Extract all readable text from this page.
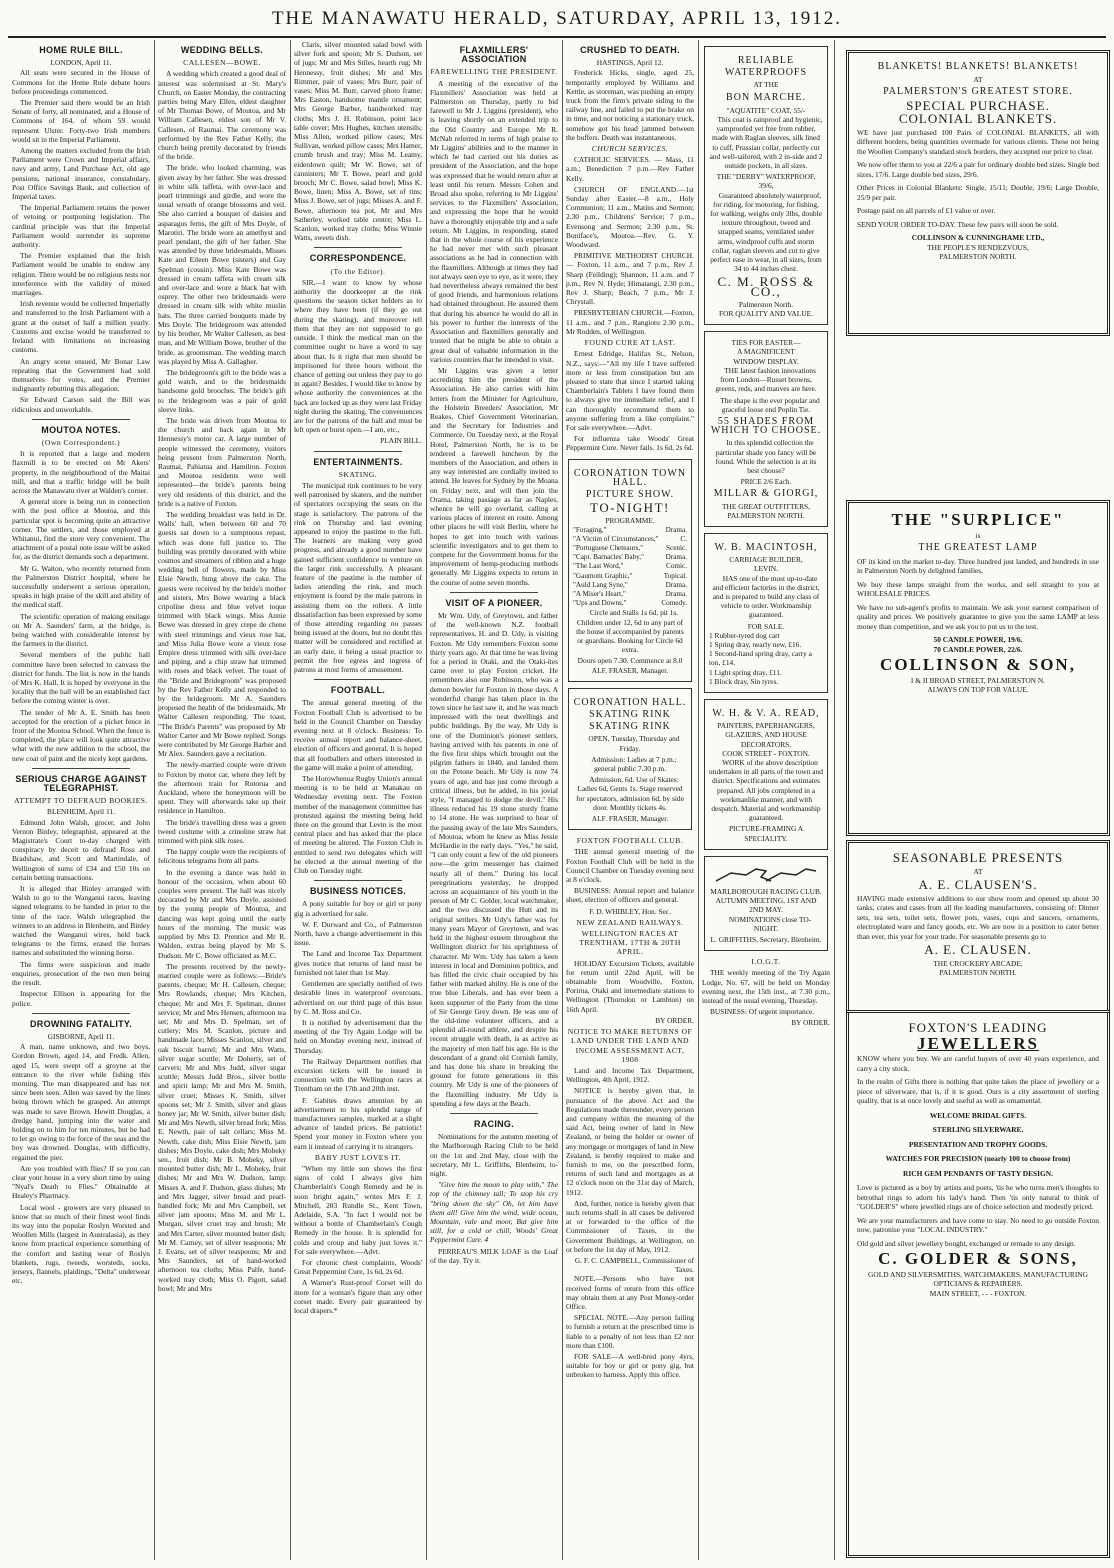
THE MANAWATU HERALD, SATURDAY, APRIL 13, 1912.
HOME RULE BILL.
LONDON, April 11.

All seats were secured in the House of Commons for the Home Rule debate hours before proceedings commenced.

The Premier said there would be an Irish Senate of forty, all nominated, and a House of Commons of 164, of whom 59 would represent Ulster. Forty-two Irish members would sit in the Imperial Parliament.

Among the matters excluded from the Irish Parliament were Crown and Imperial affairs, navy and army, Land Purchase Act, old age pensions, national insurance, constabulary, Post Office Savings Bank, and collection of Imperial taxes.

The Imperial Parliament retains the power of vetoing or postponing legislation. The cardinal principle was that the Imperial Parliament would surrender its supreme authority.

The Premier explained that the Irish Parliament would be unable to endow any religion. There would be no religious tests nor interference with the validity of mixed marriages.

Irish revenue would be collected Imperially and transferred to the Irish Parliament with a grant at the outset of half a million yearly. Customs and excise would be transferred to Ireland with limitations on increasing customs.

An angry scene ensued, Mr Bonar Law repeating that the Government had sold themselves for votes, and the Premier indignantly rebutting this allegation.

Sir Edward Carson said the Bill was ridiculous and unworkable.

MOUTOA NOTES.
(Own Correspondent.)

It is reported that a large and modern flaxmill is to be erected on Mr Akers' property, in the neighbourhood of the Maitai mill, and that a traffic bridge will be built across the Manawatu river at Walden's corner.

A general store is being run in connection with the post office at Moutoa, and this particular spot is becoming quite an attractive corner. The settlers, and those employed at Whitanui, find the store very convenient. The attachment of a postal note issue will be asked for, as the district demands such a department.

Mr G. Walton, who recently returned from the Palmerston District hospital, where he successfully underwent a serious operation, speaks in high praise of the skill and ability of the medical staff.

The scientific operation of making ensilage on Mr A. Saunders' farm, at the bridge, is being watched with considerable interest by the farmers in the district.

Several members of the public hall committee have been selected to canvass the district for funds. The list is now in the hands of Mrs K. Hall. It is hoped by everyone in the locality that the hall will be an established fact before the coming winter is over.

The tender of Mr A. E. Smith has been accepted for the erection of a picket fence in front of the Moutoa School. When the fence is completed, the place will look quite attractive what with the new addition to the school, the new coat of paint and the nicely kept gardens.

SERIOUS CHARGE AGAINST TELEGRAPHIST.
ATTEMPT TO DEFRAUD BOOKIES.
BLENHEIM, April 11.

Edmund John Walsh, grocer, and John Vernon Binley, telegraphist, appeared at the Magistrate's Court to-day charged with conspiracy by deceit to defraud Ross and Bradshaw, and Scott and Martindale, of Wellington of sums of £34 and £50 10s on certain betting transactions.

It is alleged that Binley arranged with Walsh to go to the Wanganui races, leaving signed telegrams to be handed in prior to the time of the race. Walsh telegraphed the winners to an address in Blenheim, and Binley watched the Wanganui wires, held back telegrams to the firms, erased the horses names and substituted the winning horse.

The firms were suspicious and made enquiries, prosecution of the two men being the result.

Inspector Ellison is appearing for the police.

DROWNING FATALITY.
GISBORNE, April 11.

A man, name unknown, and two boys, Gordon Brown, aged 14, and Fredk. Allen, aged 15, were swept off a groyne at the entrance to the river while fishing this morning. The man disappeared and has not since been seen. Allen was saved by the lines being thrown which he grasped. An attempt was made to save Brown. Hewitt Douglas, a dredge hand, jumping into the water and holding on to him for ten minutes, but he had to let go owing to the force of the seas and the boy was drowned. Douglas, with difficulty, regained the pier.

Are you troubled with flies? If so you can clear your house in a very short time by using "Nyal's Death to Flies." Obtainable at Healey's Pharmacy.

Local wool - growers are very pleased to know that so much of their finest wool finds its way into the popular Roslyn Worsted and Woollen Mills (largest in Australasia), as they know from practical experience something of the comfort and lasting wear of Roslyn blankets, rugs, tweeds, worsteds, socks, jerseys, flannels, plaidings, "Delta" underwear etc.

WEDDING BELLS.
CALLESEN—BOWE.

A wedding which created a good deal of interest was solemnised at St. Mary's Church, on Easter Monday, the contracting parties being Mary Ellen, eldest daughter of Mr Thomas Bowe, of Moutoa, and Mr William Callesen, eldest son of Mr V. Callesen, of Raumai. The ceremony was performed by the Rev Father Kelly, the church being prettily decorated by friends of the bride.

The bride, who looked charming, was given away by her father. She was dressed in white silk taffeta, with over-lace and pearl trimmings and girdle, and wore the usual wreath of orange blossoms and veil. She also carried a bouquet of daisies and asparagus ferns, the gift of Mrs Doyle, of Marotiri. The bride wore an amethyst and pearl pendant, the gift of her father. She was attended by three bridesmaids, Misses Kate and Eileen Bowe (sisters) and Gay Spelman (cousin). Miss Kate Bowe was dressed in cream taffeta with cream silk and over-lace and wore a black hat with osprey. The other two bridesmaids were dressed in cream silk with white muslin hats. The three carried bouquets made by Mrs Doyle. The bridegroom was attended by his brother, Mr Walter Callesen, as best man, and Mr William Bowe, brother of the bride, as groomsman. The wedding march was played by Miss A. Gallagher.

The bridegroom's gift to the bride was a gold watch, and to the bridesmaids handsome gold brooches. The bride's gift to the bridegroom was a pair of gold sleeve links.

The bride was driven from Moutoa to the church and back again in Mr Hennessy's motor car. A large number of people witnessed the ceremony, visitors being present from Palmerston North, Raumai, Pahiatua and Hamilton. Foxton and Moutoa residents were well represented—the bride's parents being very old residents of this district, and the bride is a native of Foxton.

The wedding breakfast was held in Dr. Walls' hall, when between 60 and 70 guests sat down to a sumptuous repast, which was done full justice to. The building was prettily decorated with white cosmos and streamers of ribbon and a huge wedding bell of flowers, made by Miss Elsie Newth, hung above the cake. The guests were received by the bride's mother and sisters, Mrs Bowe wearing a black cripoline dress and blue velvet toque trimmed with black wings. Miss Annie Bowe was dressed in grey crepe de chene with steel trimmings and vieux rose hat, and Miss Julia Bowe wore a vieux rose Empire dress trimmed with silk over-lace and piping, and a chip straw hat trimmed with roses and black velvet. The toast of the "Bride and Bridegroom" was proposed by the Rev Father Kelly and responded to by the bridegroom. Mr A. Saunders proposed the health of the bridesmaids, Mr Walter Callesen responding. The toast, "The Bride's Parents" was proposed by Mr Walter Carter and Mr Bowe replied. Songs were contributed by Mr George Barber and Mr Alex. Saunders gave a recitation.

The newly-married couple were driven to Foxton by motor car, where they left by the afternoon train for Rotorua and Auckland, where the honeymoon will be spent. They will afterwards take up their residence in Hamilton.

The bride's travelling dress was a green tweed costume with a crinoline straw hat trimmed with pink silk roses.

The happy couple were the recipients of felicitous telegrams from all parts.

In the evening a dance was held in honour of the occasion, when about 60 couples were present. The hall was nicely decorated by Mr and Mrs Doyle, assisted by the young people of Moutoa, and dancing was kept going until the early hours of the morning. The music was supplied by Mrs D. Prentice and Mr R. Walden, extras being played by Mr S. Dudson. Mr C. Bowe officiated as M.C.

The presents received by the newly-married couple were as follows:—Bride's parents, cheque; Mr H. Callesen, cheque; Mrs Rowlands, cheque; Mrs Kitchen, cheque; Mr and Mrs F. Spelman, dinner service; Mr and Mrs Hensen, afternoon tea set; Mr and Mrs D. Spelman, set of cutlery; Mrs M. Scanlon, picture and handmade lace; Misses Scanlon, silver and oak biscuit barrel; Mr and Mrs Watts, silver sugar scuttle; Mr Doherty, set of carvers; Mr and Mrs Judd, silver sugar scuttle; Messrs Judd Bros., silver bottle and spirit lamp; Mr and Mrs M. Smith, silver cruet; Misses K. Smith, silver spoons set; Mr J. Smith, silver and glass honey jar; Mr W. Smith, silver butter dish; Mr and Mrs Newth, silver bread fork; Miss E. Newth, pair of salt cellars; Miss M. Newth, cake dish; Miss Elsie Newth, jam dishes; Mrs Doyle, cake dish; Mrs Mobeky sen., fruit dish; Mr B. Mobeky, silver mounted butter dish; Mr L. Mobeky, fruit dishes; Mr and Mrs W. Dudson, lamp; Misses A. and F. Dudson, glass dishes; Mr and Mrs Jagger, silver bread and pearl-handled fork; Mr and Mrs Campbell, set silver jam spoons; Miss M. and Mr L. Morgan, silver cruet tray and brush; Mr and Mrs Carter, silver mounted butter dish; Mr M. Carney, set of silver teaspoons; Mr J. Evans, set of silver teaspoons; Mr and Mrs Saunders, set of hand-worked afternoon tea cloths; Miss Palfe, hand-worked tray cloth; Miss O. Pigott, salad bowl; Mr and Mrs

Claris, silver mounted salad bowl with silver fork and spoon; Mr S. Dudson, set of jugs; Mr and Mrs Stiles, hearth rug; Mr Hennessy, fruit dishes; Mr and Mrs Rimmer, pair of vases; Mrs Burr, pair of vases; Miss M. Burr, carved photo frame; Mrs Easton, handsome mantle ornament; Mrs George Barber, handworked tray cloths; Mrs J. H. Robinson, point lace table cover; Mrs Hughes, kitchen utensils; Miss Allen, worked pillow cases; Mrs Sullivan, worked pillow cases; Mrs Hamer, crumb brush and tray; Miss M. Leamy, eiderdown quilt; Mr W. Bowe, set of cannisters; Mr T. Bowe, pearl and gold brooch; Mr C. Bowe, salad bowl; Miss K. Bowe, linen; Miss A. Bowe, set of tins; Miss J. Bowe, set of jugs; Misses A. and F. Bowe, afternoon tea pot, Mr and Mrs Satherley, worked table centre; Miss L. Scanlon, worked tray cloths; Miss Winnie Watts, sweets dish.

CORRESPONDENCE.
(To the Editor).

SIR,—I want to know by whose authority the doorkeeper at the rink questions the season ticket holders as to where they have been (if they go out during the skating), and moreover tell them that they are not supposed to go outside. I think the medical man on the committee ought to have a word to say about that. Is it right that men should be imprisoned for three hours without the chance of getting out unless they pay to go in again? Besides, I would like to know by whose authority the conveniences at the back are locked up as they were last Friday night during the skating. The conveniences are for the patrons of the hall and must be left open or burst open.—I am, etc.,

PLAIN BILL.
ENTERTAINMENTS.
SKATING.

The municipal rink continues to be very well patronised by skaters, and the number of spectators occupying the seats on the stage is satisfactory. The patrons of the rink on Thursday and last evening appeared to enjoy the pastime to the full. The learners are making very good progress, and already a good number have gained sufficient confidence to venture on the larger rink successfully. A pleasant feature of the pastime is the number of ladies attending the rink, and much enjoyment is found by the male patrons in assisting them on the rollers. A little dissatisfaction has been expressed by some of those attending regarding no passes being issued at the doors, but no doubt this matter will be considered and rectified at an early date, it being a usual practice to permit the free egress and ingress of patrons at most forms of amusement.

FOOTBALL.

The annual general meeting of the Foxton Football Club is advertised to be held in the Council Chamber on Tuesday evening next at 8 o'clock. Business: To receive annual report and balance-sheet, election of officers and general. It is hoped that all footballers and others interested in the game will make a point of attending.

The Horowhenua Rugby Union's annual meeting is to be held at Manakau on Wednesday evening next. The Foxton member of the management committee has protested against the meeting being held there on the ground that Levin is the most central place and has asked that the place of meeting be altered. The Foxton Club is entitled to send two delegates which will be elected at the annual meeting of the Club on Tuesday night.

BUSINESS NOTICES.

A pony suitable for boy or girl or pony gig is advertised for sale.

W. F. Durward and Co., of Palmerston North, have a change advertisement in this issue.

The Land and Income Tax Department gives notice that returns of land must be furnished not later than 1st May.

Gentlemen are specially notified of two desirable lines in waterproof overcoats, advertised on our third page of this issue by C. M. Ross and Co.

It is notified by advertisement that the meeting of the Try Again Lodge will be held on Monday evening next, instead of Thursday.

The Railway Department notifies that excursion tickets will be issued in connection with the Wellington races at Trentham on the 17th and 20th inst.

F. Gabites draws attention by an advertisement to his splendid range of manufacturers samples, marked at a slight advance of landed prices. Be patriotic! Spend your money in Foxton where you earn it instead of carrying it to strangers.

BABY JUST LOVES IT.

"When my little son shows the first signs of cold I always give him Chamberlain's Cough Remedy and he is soon bright again," writes Mrs F. J. Mitchell, 203 Rundle St., Kent Town, Adelaide, S.A. "In fact I would not be without a bottle of Chamberlain's Cough Remedy in the house. It is splendid for colds and croup and baby just loves it." For sale everywhere.—Advt.

For chronic chest complaints, Woods' Great Peppermint Cure, 1s 6d, 2s 6d.

A Warner's Rust-proof Corset will do more for a woman's figure than any other corset made. Every pair guaranteed by local drapers.*

FLAXMILLERS' ASSOCIATION
FAREWELLING THE PRESIDENT.

A meeting of the executive of the Flaxmillers' Association was held at Palmerston on Thursday, partly to bid farewell to Mr J. Liggins (president), who is leaving shortly on an extended trip to the Old Country and Europe. Mr R. McNab referred in terms of high praise to Mr Liggins' abilities and to the manner in which he had carried out his duties as president of the Association, and the hope was expressed that he would return after at least until his return. Messrs Cohen and Broad also spoke, referring to Mr Liggins' services to the Flaxmillers' Association, and expressing the hope that he would have a thoroughly enjoyable trip and a safe return. Mr Liggins, in responding, stated that in the whole course of his experience he had never met with such pleasant associations as he had in connection with the flaxmillers. Although at times they had not always seen eye to eye, as it were, they had nevertheless always remained the best of good friends, and harmonious relations had obtained throughout. He assured them that during his absence he would do all in his power to further the interests of the Association and flaxmillers generally and trusted that he might be able to obtain a great deal of valuable information in the various countries that he intended to visit.

Mr Liggins was given a letter accrediting him the president of the Association. He also carries with him letters from the Minister for Agriculture, the Holstein Breeders' Association, Mr Reakes, Chief Government Veterinarian, and the Secretary for Industries and Commerce. On Tuesday next, at the Royal Hotel, Palmerston North, he is to be tendered a farewell luncheon by the members of the Association, and others in any way interested are cordially invited to attend. He leaves for Sydney by the Moana on Friday next, and will then join the Orama, taking passage as far as Naples, whence he will go overland, calling at various places of interest en route. Among other places he will visit Berlin, where he hopes to get into touch with various scientific investigators and to get them to compete for the Government bonus for the improvement of hemp-producing methods generally. Mr Liggins expects to return in the course of some seven months.

VISIT OF A PIONEER.

Mr Wm. Udy, of Greytown, and father of the well-known N.Z. football representatives, H. and D. Udy, is visiting Foxton. Mr Udy remembers Foxton some thirty years ago. At that time he was living for a period in Otaki, and the Otaki-ites came over to play Foxton cricket. He remembers also one Robinson, who was a demon bowler for Foxton in those days. A wonderful change has taken place in the town since he last saw it, and he was much impressed with the neat dwellings and public buildings. By the way, Mr Udy is one of the Dominion's pioneer settlers, having arrived with his parents in one of the five first ships which brought out the pilgrim fathers in 1840, and landed them on the Petone beach. Mr Udy is now 74 years of age, and has just come through a critical illness, but he added, in his jovial style, "I managed to dodge the devil." His illness reduced his 19 stone sturdy frame to 14 stone. He was surprised to hear of the passing away of the late Mrs Saunders, of Moutoa, whom he knew as Miss Jessie McHardie in the early days. "Yes," he said, "I can only count a few of the old pioneers now—the grim messenger has claimed nearly all of them." During his local peregrinations yesterday, he dropped across an acquaintance of his youth in the person of Mr C. Golder, local watchmaker, and the two discussed the Hutt and its original settlers. Mr Udy's father was for many years Mayor of Greytown, and was held in the highest esteem throughout the Wellington district for his uprightness of character. Mr Wm. Udy has taken a keen interest in local and Dominion politics, and has filled the civic chair occupied by his father with marked ability. He is one of the true blue Liberals, and has ever been a keen supporter of the Party from the time of Sir George Grey down. He was one of the old-time volunteer officers, and a splendid all-round athlete, and despite his recent struggle with death, is as active as the majority of men half his age. He is the descendant of a grand old Cornish family, and has done his share in breaking the ground for future generations in this country. Mr Udy is one of the pioneers of the flaxmilling industry. Mr Udy is spending a few days at the Beach.

RACING.

Nominations for the autumn meeting of the Marlborough Racing Club to be held on the 1st and 2nd May, close with the secretary, Mr L. Griffiths, Blenheim, to-night.

"Give him the moon to play with," The top of the chimney tall; To stop his cry "bring down the sky" Oh, let him have them all! Give him the wind, wide ocean, Mountain, vale and moor, But give him still, for a cold or chill, Woods' Great Peppermint Cure. 4

PERREAU'S MILK LOAF is the Loaf of the day. Try it.

CRUSHED TO DEATH.
HASTINGS, April 12.

Frederick Hicks, single, aged 25, temporarily employed by Williams and Kettle, as storeman, was pushing an empty truck from the firm's private siding to the railway line, and failed to put the brake on in time, and not noticing a stationary truck, somehow got his head jammed between the buffers. Death was instantaneous.

CHURCH SERVICES.

CATHOLIC SERVICES. — Mass, 11 a.m.; Benediction 7 p.m.—Rev Father Kelly.

CHURCH OF ENGLAND.—1st Sunday after Easter.—8 a.m., Holy Communion; 11 a.m., Matins and Sermon; 2.30 p.m., Childrens' Service; 7 p.m., Evensong and Sermon; 2.30 p.m., St. Boniface's, Moutoa.—Rev. G. Y. Woodward.

PRIMITIVE METHODIST CHURCH. — Foxton, 11 a.m., and 7 p.m., Rev J. Sharp (Feilding); Shannon, 11 a.m. and 7 p.m., Rev N. Hyde; Himatangi, 2.30 p.m., Rev J. Sharp; Beach, 7 p.m., Mr J. Chrystall.

PRESBYTERIAN CHURCH.—Foxton, 11 a.m., and 7 p.m., Rangiotu 2.30 p.m., Mr Rodden, of Wellington.

FOUND CURE AT LAST.

Ernest Edridge, Halifax St., Nelson, N.Z., says:—"All my life I have suffered more or less from constipation but am pleased to state that since I started taking Chamberlain's Tablets I have found them to always give me immediate relief, and I can thoroughly recommend them to anyone suffering from a like complaint." For sale everywhere.—Advt.

For influenza take Woods' Great Peppermint Cure. Never fails. 1s 6d, 2s 6d.

CORONATION TOWN HALL.
PICTURE SHOW.
TO-NIGHT!
PROGRAMME.
"Foraging,"	Drama.
"A Victim of Circumstances,"	C.
"Portuguese Cheteaurs,"	Scenic.
"Capt. Barnacles' Baby,"	Drama.
"The Last Word,"	Comic.
"Gaumont Graphic,"	Topical.
"Auld Lang Syne,"	Drama.
"A Miser's Heart,"	Drama.
"Ups and Downs,"	Comedy.

Circle and Stalls 1s 6d, pit 1s. Children under 12, 6d to any part of the house if accompanied by parents or guardians. Booking for Circle 6d extra.

Doors open 7.30. Commence at 8.0
ALF. FRASER, Manager.
CORONATION HALL.
SKATING RINK
SKATING RINK

OPEN, Tuesday, Thursday and Friday.

Admission: Ladies at 7 p.m.; general public 7.30 p.m.

Admission, 6d. Use of Skates: Ladies 6d, Gents 1s. Stage reserved for spectators, admission 6d, by side door. Monthly tickets 4s.

ALF. FRASER, Manager.
FOXTON FOOTBALL CLUB.

THE annual general meeting of the Foxton Football Club will be held in the Council Chamber on Tuesday evening next at 8 o'clock.

BUSINESS: Annual report and balance sheet, election of officers and general.

F. D. WHIBLEY, Hon. Sec.
NEW ZEALAND RAILWAYS.
WELLINGTON RACES AT TRENTHAM, 17TH & 20TH APRIL.

HOLIDAY Excursion Tickets, available for return until 22nd April, will be obtainable from Woodville, Foxton, Porirua, Otaki and intermediate stations to Wellington (Thorndon or Lambton) on 16th April.

BY ORDER.
NOTICE TO MAKE RETURNS OF LAND UNDER THE LAND AND INCOME ASSESSMENT ACT, 1908

Land and Income Tax Department, Wellington, 4th April, 1912.

NOTICE is hereby given that, in pursuance of the above Act and the Regulations made thereunder, every person and company within the meaning of the said Act, being owner of land in New Zealand, or being the holder or owner of any mortgage or mortgages of land in New Zealand, is hereby required to make and furnish to me, on the prescribed form, returns of such land and mortgages as at 12 o'clock noon on the 31st day of March, 1912.

And, further, notice is hereby given that such returns shall in all cases be delivered at or forwarded to the office of the Commissioner of Taxes, in the Government Buildings, at Wellington, on or before the 1st day of May, 1912.

G. F. C. CAMPBELL, Commissioner of Taxes.

NOTE.—Persons who have not received forms of return from this office may obtain them at any Post Money-order Office.

SPECIAL NOTE.—Any person failing to furnish a return at the prescribed time is liable to a penalty of not less than £2 nor more than £100.

FOR SALE—A well-bred pony 4yrs, suitable for boy or girl or pony gig, but unbroken to harness. Apply this office.

RELIABLE
WATERPROOFS
AT THE
BON MARCHE.
"AQUATITE" COAT, 55/-

This coat is rainproof and hygienic, yarnproofed yet free from rubber, made with Raglan sleeves, silk lined to cuff, Prussian collar, perfectly cut and well-tailored, with 2 in-side and 2 outside pockets, in all sizes.

THE "DERBY" WATERPROOF, 39/6,

Guaranteed absolutely waterproof, for riding, for motoring, for fishing, for walking, weighs only 3lbs, double texture throughout, tweed and strapped seams, ventilated under arms, windproof cuffs and storm collar, raglan sleeves and cut to give perfect ease in wear, in all sizes, from 34 to 44 inches chest.

C. M. ROSS & CO.,
Palmerston North.
FOR QUALITY AND VALUE.
TIES FOR EASTER—
A MAGNIFICENT
WINDOW DISPLAY.

THE latest fashion innovations from London—Russet browns, greens, reds, and mauves are here.

The shape is the ever popular and graceful loose end Poplin Tie.

55 SHADES FROM WHICH TO CHOOSE.

In this splendid collection the particular shade you fancy will be found. While the selection is at its best choose?

PRICE 2/6 Each.
MILLAR & GIORGI,
THE GREAT OUTFITTERS,
PALMERSTON NORTH.
W. B. MACINTOSH,
CARRIAGE BUILDER,
LEVIN.

HAS one of the most up-to-date and efficient factories in the district, and is prepared to build any class of vehicle to order. Workmanship guaranteed.

FOR SALE.
1 Rubber-tyred dog cart
1 Spring dray, nearly new, £16.
1 Second-hand spring dray, carry a ton, £14.
1 Light spring dray, £11.
1 Block dray, Sin tyres.
W. H. & V. A. READ,
PAINTERS, PAPERHANGERS, GLAZIERS, AND HOUSE DECORATORS.
COOK STREET - FOXTON.

WORK of the above description undertaken in all parts of the town and district. Specifications and estimates prepared. All jobs completed in a workmanlike manner, and with despatch. Material and workmanship guaranteed.

PICTURE-FRAMING A SPECIALITY.
MARLBOROUGH RACING CLUB.
AUTUMN MEETING, 1ST AND 2ND MAY.

NOMINATIONS close TO-NIGHT.

L. GRIFFITHS, Secretary, Blenheim.
I.O.G.T.

THE weekly meeting of the Try Again Lodge, No. 67, will be held on Monday evening next, the 15th inst., at 7.30 p.m., instead of the usual evening, Thursday.

BUSINESS: Of urgent importance.

BY ORDER.
BLANKETS! BLANKETS! BLANKETS!
AT
PALMERSTON'S GREATEST STORE.
SPECIAL PURCHASE.
COLONIAL BLANKETS.
WE have just purchased 100 Pairs of COLONIAL BLANKETS, all with different borders, being quantities overmade for various clients. These not being the Woollen Company's standard stock borders, they accepted our price to clear.
We now offer them to you at 22/6 a pair for ordinary double bed sizes. Single bed sizes, 17/6. Large double bed sizes, 29/6.
Other Prices in Colonial Blankets: Single, 15/11; Double, 19/6; Large Double, 25/9 per pair.
Postage paid on all parcels of £1 value or over.
SEND YOUR ORDER TO-DAY. These few pairs will soon be sold.
COLLINSON & CUNNINGHAME LTD.,
THE PEOPLE'S RENDEZVOUS,
PALMERSTON NORTH.
THE "SURPLICE"
is
THE GREATEST LAMP
OF its kind on the market to-day. Three hundred just landed, and hundreds in use in Palmerston North by delighted families.
We buy these lamps straight from the works, and sell straight to you at WHOLESALE PRICES.
We have no sub-agent's profits to maintain. We ask your earnest comparison of quality and prices. We positively guarantee to give you the same LAMP at less money than competition, and we ask you to put us to the test.
50 CANDLE POWER, 19/6.
70 CANDLE POWER, 22/6.
COLLINSON & SON,
I & II BROAD STREET, PALMERSTON N.
ALWAYS ON TOP FOR VALUE.
SEASONABLE PRESENTS
AT
A. E. CLAUSEN'S.
HAVING made extensive additions to our show room and opened up about 30 tanks, crates and cases from all the leading manufacturers, consisting of: Dinner sets, tea sets, toilet sets, flower pots, vases, cups and saucers, ornaments, electroplated ware and fancy goods, etc. We are now in a position to cater better than ever, this year for your trade. For seasonable presents go to
A. E. CLAUSEN.
THE CROCKERY ARCADE,
PALMERSTON NORTH.
FOXTON'S LEADING
JEWELLERS
KNOW where you buy. We are careful buyers of over 40 years experience, and carry a city stock.
In the realm of Gifts there is nothing that quite takes the place of jewellery or a piece of silverware, that is, if it is good. Ours is a city assortment of sterling quality, that is at once lovely and useful as well as ornamental.
WELCOME BRIDAL GIFTS.
STERLING SILVERWARE.
PRESENTATION AND TROPHY GOODS.
WATCHES FOR PRECISION (nearly 100 to choose from)
RICH GEM PENDANTS OF TASTY DESIGN.
Love is pictured as a boy by artists and poets, 'tis he who turns men's thoughts to betrothal rings to adorn his lady's hand. Then 'tis only natural to think of "GOLDER'S" where jewelled rings are of choice selection and modestly priced.
We are your manufacturers and have come to stay. No need to go outside Foxton now, patronise your "LOCAL INDUSTRY."
Old gold and silver jewellery bought, exchanged or remade to any design.
C. GOLDER & SONS,
GOLD AND SILVERSMITHS, WATCHMAKERS, MANUFACTURING OPTICIANS & REPAIRERS.
MAIN STREET, - - - FOXTON.
